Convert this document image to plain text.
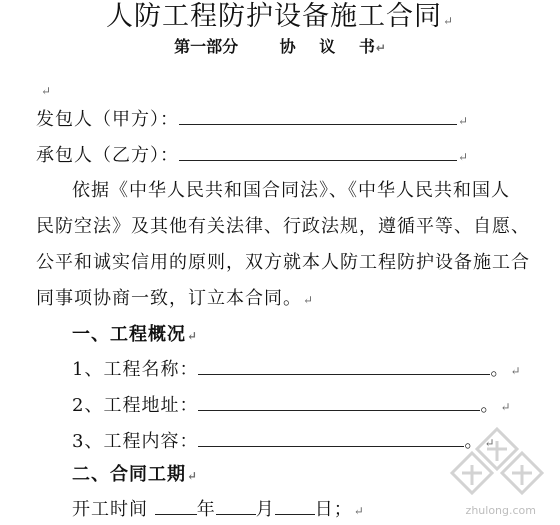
人防工程防护设备施工合同↵
第一部分	协 议 书↵
↵
发包人（甲方）：	↵
承包人（乙方）：	↵
依据《中华人民共和国合同法》、《中华人民共和国人
民防空法》及其他有关法律、行政法规，遵循平等、自愿、
公平和诚实信用的原则，双方就本人防工程防护设备施工合
同事项协商一致，订立本合同。↵
一、工程概况↵
1、工程名称：	。↵
2、工程地址：	。↵
3、工程内容：	。↵
二、合同工期↵
开工时间	年 月 日；↵	zhulong.com
